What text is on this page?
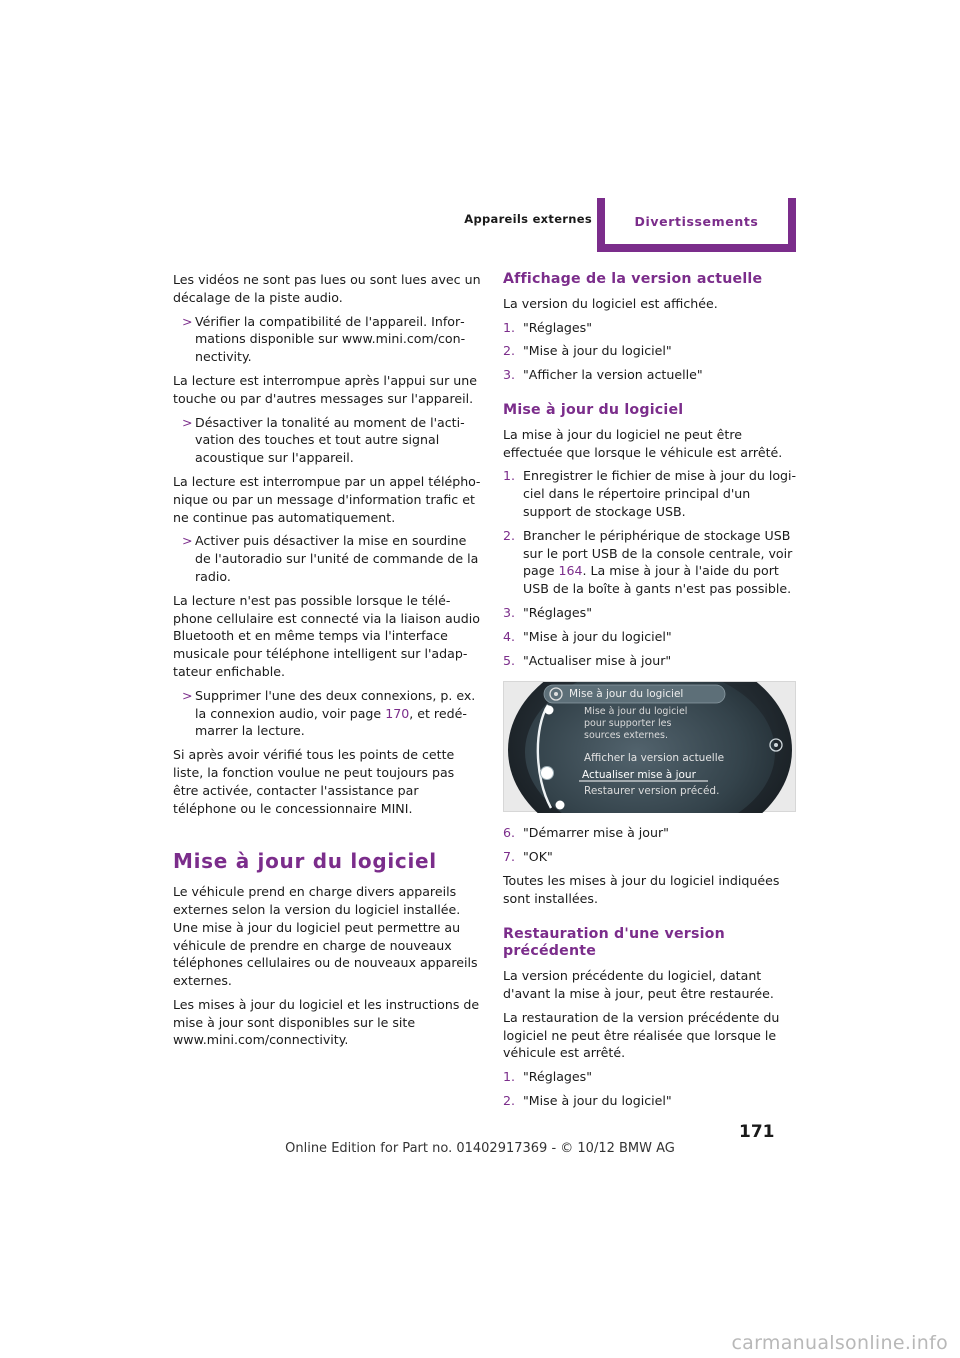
Appareils externes	Divertissements

Les vidéos ne sont pas lues ou sont lues avec un décalage de la piste audio.

> Vérifier la compatibilité de l'appareil. Informations disponible sur www.mini.com/connectivity.

La lecture est interrompue après l'appui sur une touche ou par d'autres messages sur l'appareil.

> Désactiver la tonalité au moment de l'activation des touches et tout autre signal acoustique sur l'appareil.

La lecture est interrompue par un appel téléphonique ou par un message d'information trafic et ne continue pas automatiquement.

> Activer puis désactiver la mise en sourdine de l'autoradio sur l'unité de commande de la radio.

La lecture n'est pas possible lorsque le téléphone cellulaire est connecté via la liaison audio Bluetooth et en même temps via l'interface musicale pour téléphone intelligent sur l'adaptateur enfichable.

> Supprimer l'une des deux connexions, p. ex. la connexion audio, voir page 170, et redémarrer la lecture.

Si après avoir vérifié tous les points de cette liste, la fonction voulue ne peut toujours pas être activée, contacter l'assistance par téléphone ou le concessionnaire MINI.

Mise à jour du logiciel

Le véhicule prend en charge divers appareils externes selon la version du logiciel installée. Une mise à jour du logiciel peut permettre au véhicule de prendre en charge de nouveaux téléphones cellulaires ou de nouveaux appareils externes.

Les mises à jour du logiciel et les instructions de mise à jour sont disponibles sur le site www.mini.com/connectivity.

Affichage de la version actuelle

La version du logiciel est affichée.

1. "Réglages"
2. "Mise à jour du logiciel"
3. "Afficher la version actuelle"
Mise à jour du logiciel

La mise à jour du logiciel ne peut être effectuée que lorsque le véhicule est arrêté.

1. Enregistrer le fichier de mise à jour du logiciel dans le répertoire principal d'un support de stockage USB.
2. Brancher le périphérique de stockage USB sur le port USB de la console centrale, voir page 164. La mise à jour à l'aide du port USB de la boîte à gants n'est pas possible.
3. "Réglages"
4. "Mise à jour du logiciel"
5. "Actualiser mise à jour"
Mise à jour du logiciel
Mise à jour du logiciel
pour supporter les
sources externes.
Afficher la version actuelle
Actualiser mise à jour
Restaurer version précéd.
6. "Démarrer mise à jour"
7. "OK"

Toutes les mises à jour du logiciel indiquées sont installées.

Restauration d'une version précédente

La version précédente du logiciel, datant d'avant la mise à jour, peut être restaurée.

La restauration de la version précédente du logiciel ne peut être réalisée que lorsque le véhicule est arrêté.

1. "Réglages"
2. "Mise à jour du logiciel"
171
Online Edition for Part no. 01402917369 - © 10/12 BMW AG
carmanualsonline.info
